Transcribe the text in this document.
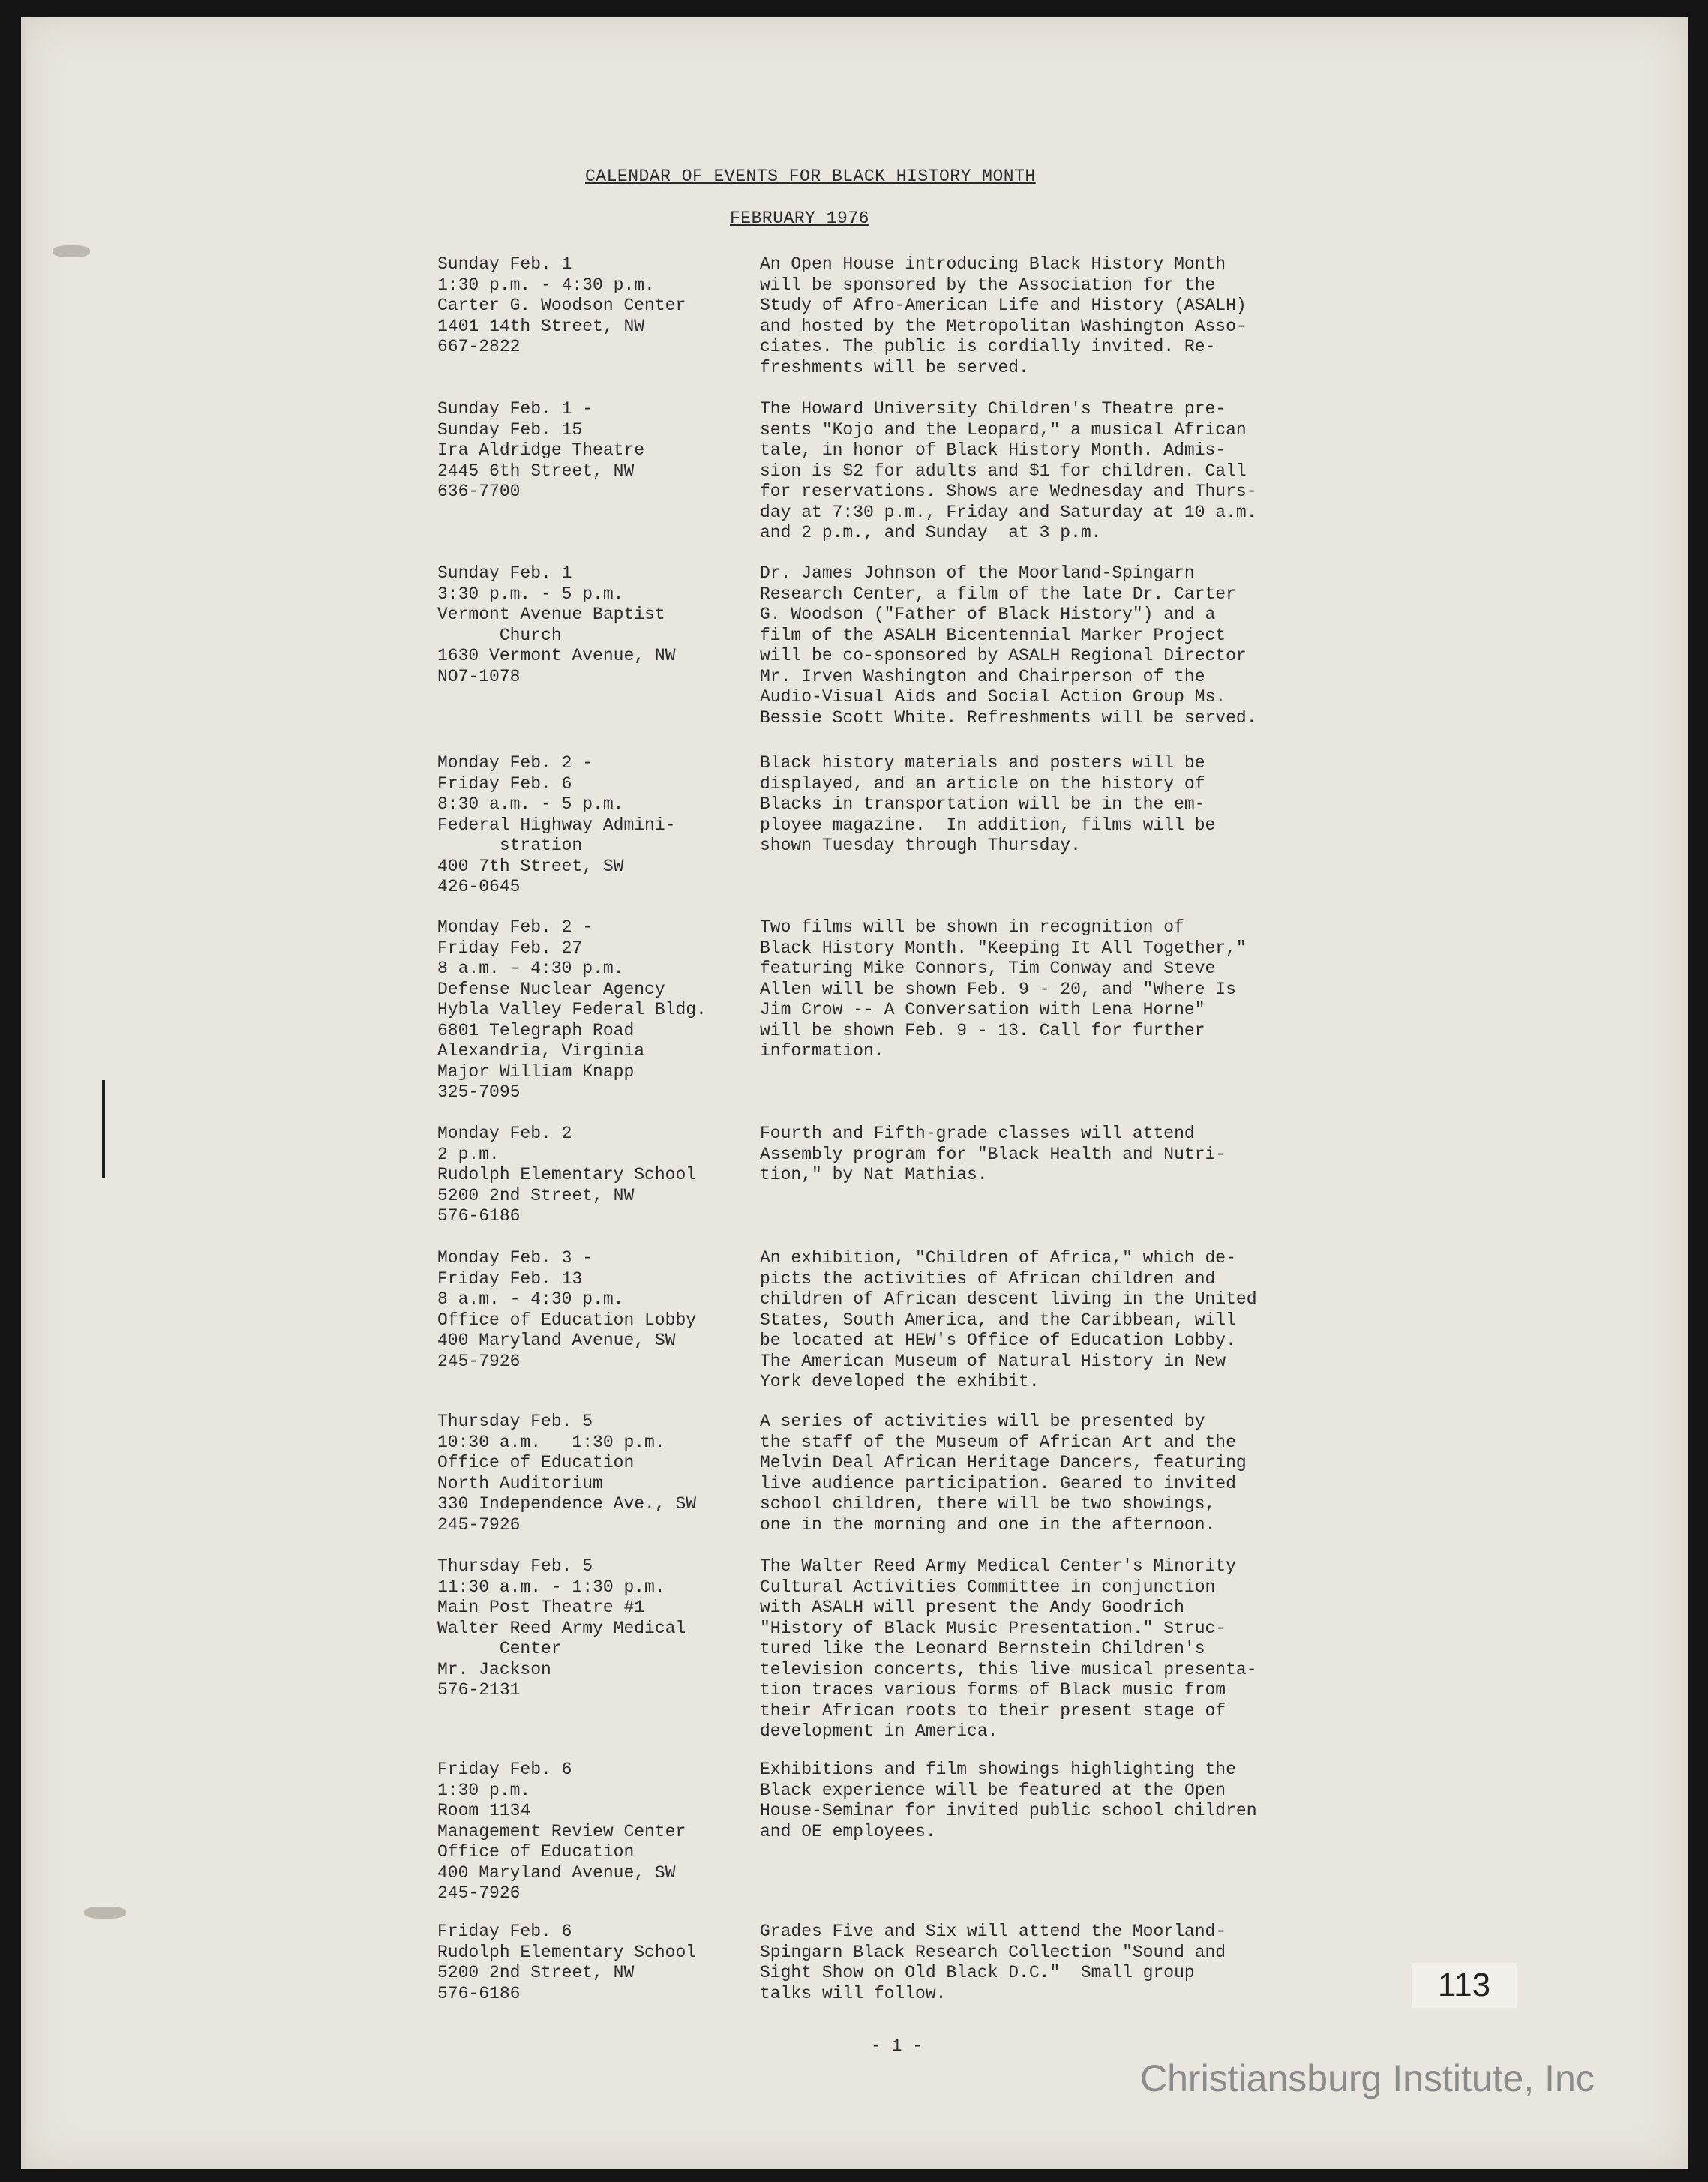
CALENDAR OF EVENTS FOR BLACK HISTORY MONTH
FEBRUARY 1976
Sunday Feb. 1
1:30 p.m. - 4:30 p.m.
Carter G. Woodson Center
1401 14th Street, NW
667-2822
An Open House introducing Black History Month
will be sponsored by the Association for the
Study of Afro-American Life and History (ASALH)
and hosted by the Metropolitan Washington Asso-
ciates. The public is cordially invited. Re-
freshments will be served.
Sunday Feb. 1 -
Sunday Feb. 15
Ira Aldridge Theatre
2445 6th Street, NW
636-7700
The Howard University Children's Theatre pre-
sents "Kojo and the Leopard," a musical African
tale, in honor of Black History Month. Admis-
sion is $2 for adults and $1 for children. Call
for reservations. Shows are Wednesday and Thurs-
day at 7:30 p.m., Friday and Saturday at 10 a.m.
and 2 p.m., and Sunday  at 3 p.m.
Sunday Feb. 1
3:30 p.m. - 5 p.m.
Vermont Avenue Baptist
Church
1630 Vermont Avenue, NW
NO7-1078
Dr. James Johnson of the Moorland-Spingarn
Research Center, a film of the late Dr. Carter
G. Woodson ("Father of Black History") and a
film of the ASALH Bicentennial Marker Project
will be co-sponsored by ASALH Regional Director
Mr. Irven Washington and Chairperson of the
Audio-Visual Aids and Social Action Group Ms.
Bessie Scott White. Refreshments will be served.
Monday Feb. 2 -
Friday Feb. 6
8:30 a.m. - 5 p.m.
Federal Highway Admini-
stration
400 7th Street, SW
426-0645
Black history materials and posters will be
displayed, and an article on the history of
Blacks in transportation will be in the em-
ployee magazine.  In addition, films will be
shown Tuesday through Thursday.
Monday Feb. 2 -
Friday Feb. 27
8 a.m. - 4:30 p.m.
Defense Nuclear Agency
Hybla Valley Federal Bldg.
6801 Telegraph Road
Alexandria, Virginia
Major William Knapp
325-7095
Two films will be shown in recognition of
Black History Month. "Keeping It All Together,"
featuring Mike Connors, Tim Conway and Steve
Allen will be shown Feb. 9 - 20, and "Where Is
Jim Crow -- A Conversation with Lena Horne"
will be shown Feb. 9 - 13. Call for further
information.
Monday Feb. 2
2 p.m.
Rudolph Elementary School
5200 2nd Street, NW
576-6186
Fourth and Fifth-grade classes will attend
Assembly program for "Black Health and Nutri-
tion," by Nat Mathias.
Monday Feb. 3 -
Friday Feb. 13
8 a.m. - 4:30 p.m.
Office of Education Lobby
400 Maryland Avenue, SW
245-7926
An exhibition, "Children of Africa," which de-
picts the activities of African children and
children of African descent living in the United
States, South America, and the Caribbean, will
be located at HEW's Office of Education Lobby.
The American Museum of Natural History in New
York developed the exhibit.
Thursday Feb. 5
10:30 a.m.   1:30 p.m.
Office of Education
North Auditorium
330 Independence Ave., SW
245-7926
A series of activities will be presented by
the staff of the Museum of African Art and the
Melvin Deal African Heritage Dancers, featuring
live audience participation. Geared to invited
school children, there will be two showings,
one in the morning and one in the afternoon.
Thursday Feb. 5
11:30 a.m. - 1:30 p.m.
Main Post Theatre #1
Walter Reed Army Medical
Center
Mr. Jackson
576-2131
The Walter Reed Army Medical Center's Minority
Cultural Activities Committee in conjunction
with ASALH will present the Andy Goodrich
"History of Black Music Presentation." Struc-
tured like the Leonard Bernstein Children's
television concerts, this live musical presenta-
tion traces various forms of Black music from
their African roots to their present stage of
development in America.
Friday Feb. 6
1:30 p.m.
Room 1134
Management Review Center
Office of Education
400 Maryland Avenue, SW
245-7926
Exhibitions and film showings highlighting the
Black experience will be featured at the Open
House-Seminar for invited public school children
and OE employees.
Friday Feb. 6
Rudolph Elementary School
5200 2nd Street, NW
576-6186
Grades Five and Six will attend the Moorland-
Spingarn Black Research Collection "Sound and
Sight Show on Old Black D.C."  Small group
talks will follow.
- 1 -
113
Christiansburg Institute, Inc
